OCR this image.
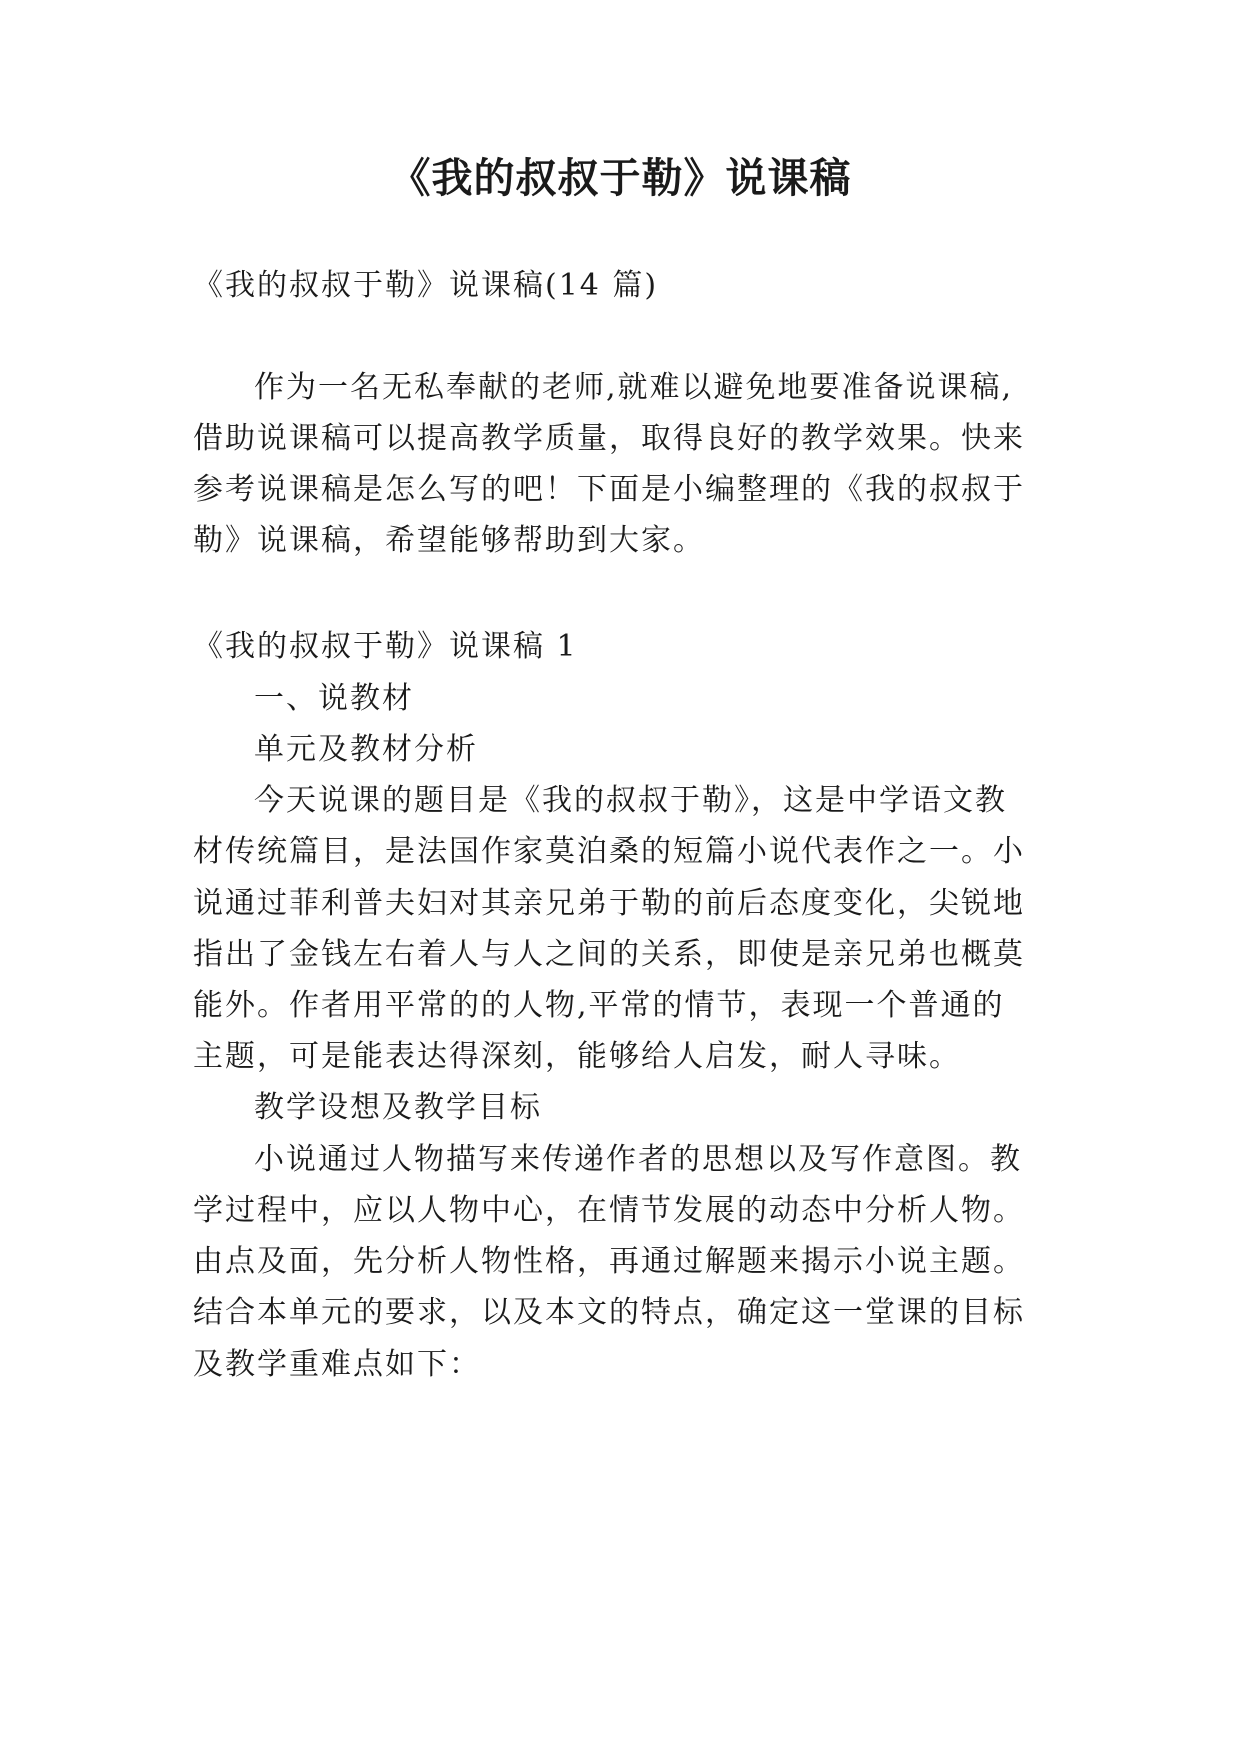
《我的叔叔于勒》说课稿
《我的叔叔于勒》说课稿(14 篇)
作为一名无私奉献的老师,就难以避免地要准备说课稿,
借助说课稿可以提高教学质量，取得良好的教学效果。快来
参考说课稿是怎么写的吧！下面是小编整理的《我的叔叔于
勒》说课稿，希望能够帮助到大家。
《我的叔叔于勒》说课稿 1
一、说教材
单元及教材分析
今天说课的题目是《我的叔叔于勒》，这是中学语文教
材传统篇目，是法国作家莫泊桑的短篇小说代表作之一。小
说通过菲利普夫妇对其亲兄弟于勒的前后态度变化，尖锐地
指出了金钱左右着人与人之间的关系，即使是亲兄弟也概莫
能外。作者用平常的的人物,平常的情节，表现一个普通的
主题，可是能表达得深刻，能够给人启发，耐人寻味。
教学设想及教学目标
小说通过人物描写来传递作者的思想以及写作意图。教
学过程中，应以人物中心，在情节发展的动态中分析人物。
由点及面，先分析人物性格，再通过解题来揭示小说主题。
结合本单元的要求，以及本文的特点，确定这一堂课的目标
及教学重难点如下：
